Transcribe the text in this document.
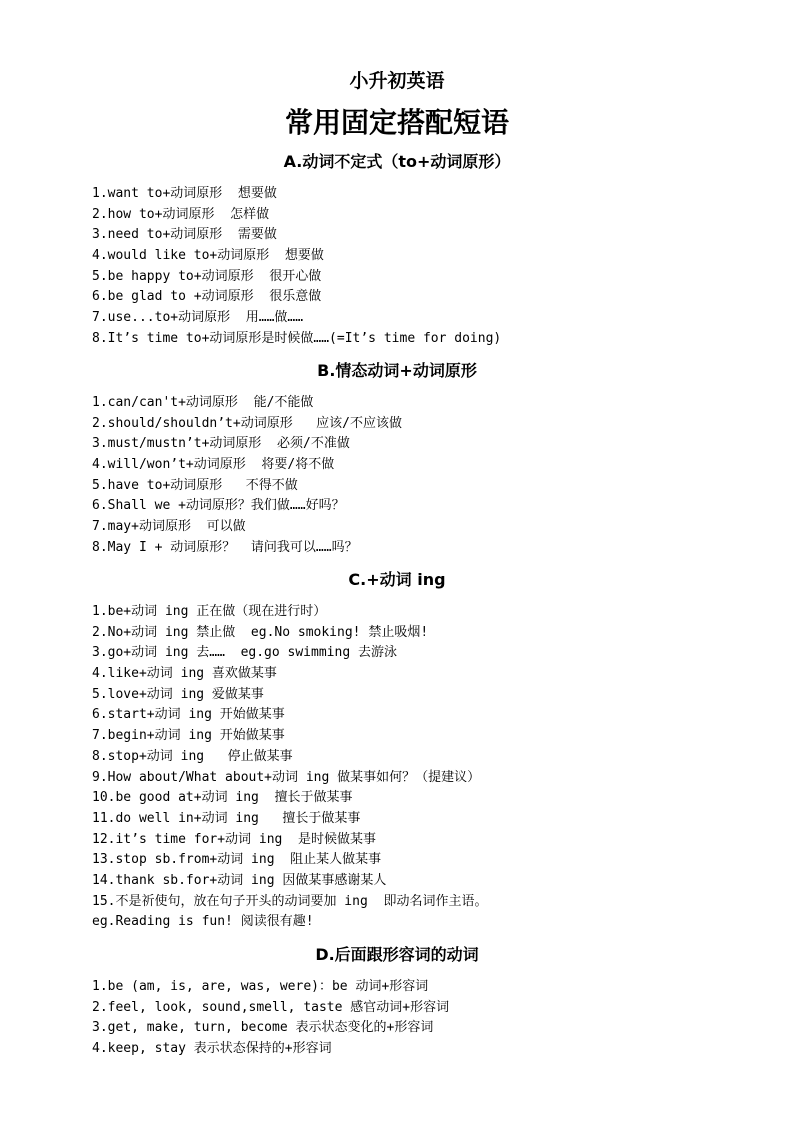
小升初英语
常用固定搭配短语
A.动词不定式（to+动词原形）
1.want to+动词原形  想要做
2.how to+动词原形  怎样做
3.need to+动词原形  需要做
4.would like to+动词原形  想要做
5.be happy to+动词原形  很开心做
6.be glad to +动词原形  很乐意做
7.use...to+动词原形  用……做……
8.It’s time to+动词原形是时候做……(=It’s time for doing)
B.情态动词+动词原形
1.can/can't+动词原形  能/不能做
2.should/shouldn’t+动词原形   应该/不应该做
3.must/mustn’t+动词原形  必须/不准做
4.will/won’t+动词原形  将要/将不做
5.have to+动词原形   不得不做
6.Shall we +动词原形？我们做……好吗？
7.may+动词原形  可以做
8.May I + 动词原形？  请问我可以……吗？
C.+动词 ing
1.be+动词 ing 正在做（现在进行时）
2.No+动词 ing 禁止做  eg.No smoking! 禁止吸烟!
3.go+动词 ing 去……  eg.go swimming 去游泳
4.like+动词 ing 喜欢做某事
5.love+动词 ing 爱做某事
6.start+动词 ing 开始做某事
7.begin+动词 ing 开始做某事
8.stop+动词 ing   停止做某事
9.How about/What about+动词 ing 做某事如何？（提建议）
10.be good at+动词 ing  擅长于做某事
11.do well in+动词 ing   擅长于做某事
12.it’s time for+动词 ing  是时候做某事
13.stop sb.from+动词 ing  阻止某人做某事
14.thank sb.for+动词 ing 因做某事感谢某人
15.不是祈使句，放在句子开头的动词要加 ing  即动名词作主语。
eg.Reading is fun! 阅读很有趣!
D.后面跟形容词的动词
1.be (am, is, are, was, were)：be 动词+形容词
2.feel, look, sound,smell, taste 感官动词+形容词
3.get, make, turn, become 表示状态变化的+形容词
4.keep, stay 表示状态保持的+形容词
